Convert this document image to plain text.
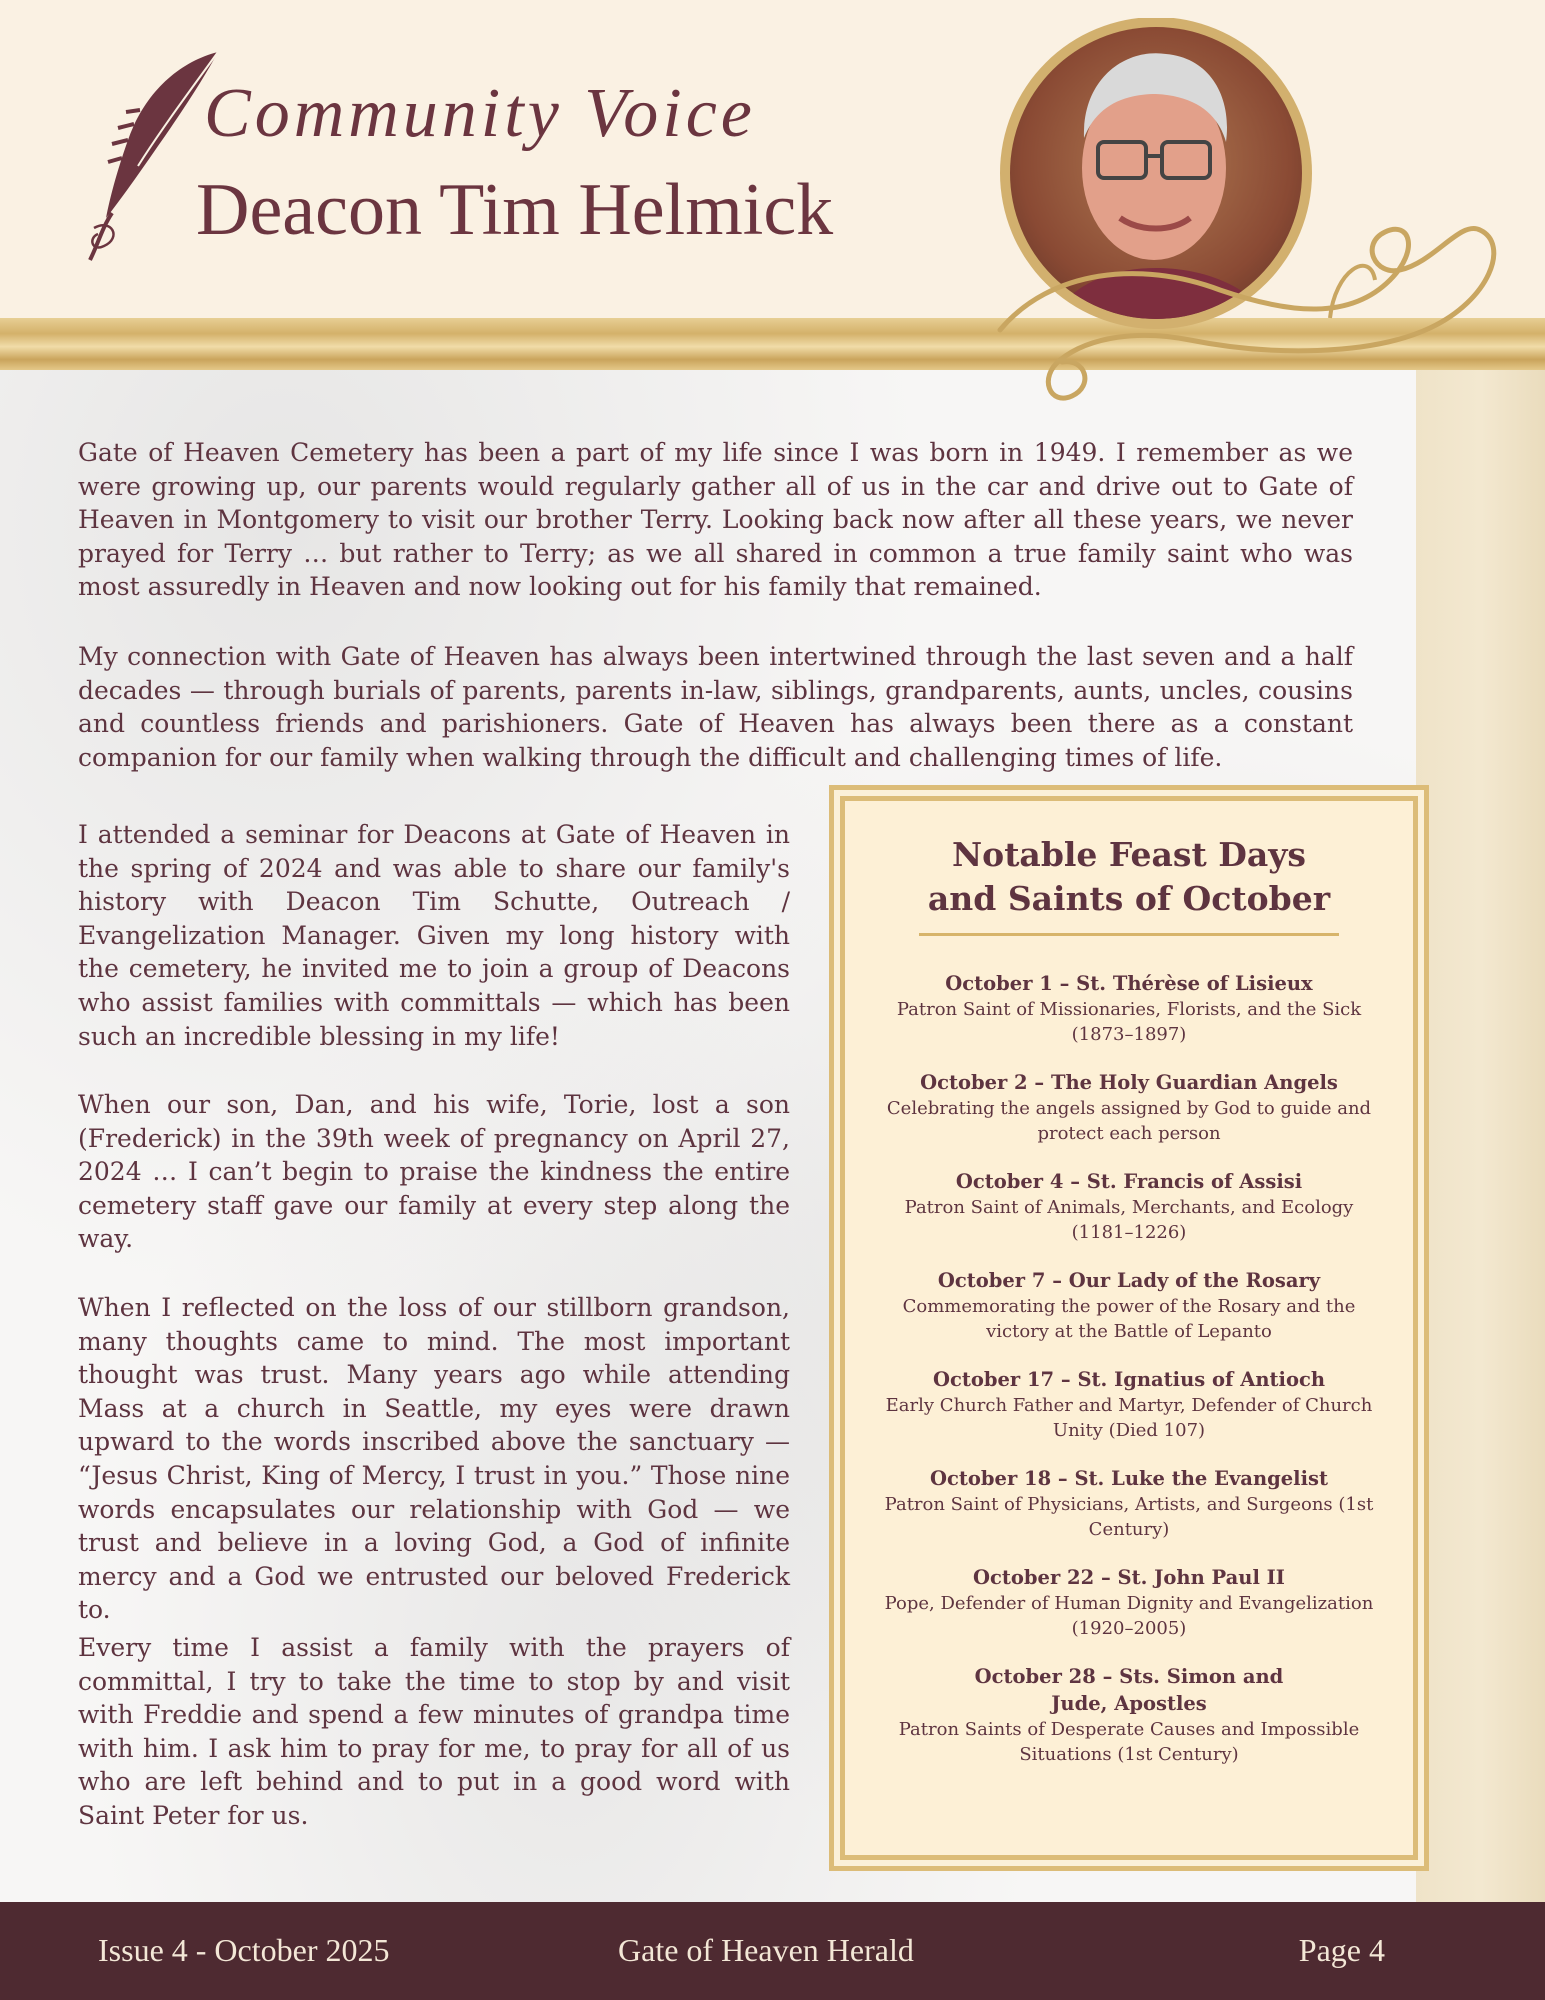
Community Voice
Deacon Tim Helmick

Gate of Heaven Cemetery has been a part of my life since I was born in 1949. I remember as we were growing up, our parents would regularly gather all of us in the car and drive out to Gate of Heaven in Montgomery to visit our brother Terry. Looking back now after all these years, we never prayed for Terry … but rather to Terry; as we all shared in common a true family saint who was most assuredly in Heaven and now looking out for his family that remained.

My connection with Gate of Heaven has always been intertwined through the last seven and a half decades — through burials of parents, parents in-law, siblings, grandparents, aunts, uncles, cousins and countless friends and parishioners. Gate of Heaven has always been there as a constant companion for our family when walking through the difficult and challenging times of life.

I attended a seminar for Deacons at Gate of Heaven in the spring of 2024 and was able to share our family's history with Deacon Tim Schutte, Outreach / Evangelization Manager. Given my long history with the cemetery, he invited me to join a group of Deacons who assist families with committals — which has been such an incredible blessing in my life!

When our son, Dan, and his wife, Torie, lost a son (Frederick) in the 39th week of pregnancy on April 27, 2024 … I can’t begin to praise the kindness the entire cemetery staff gave our family at every step along the way.

When I reflected on the loss of our stillborn grandson, many thoughts came to mind. The most important thought was trust. Many years ago while attending Mass at a church in Seattle, my eyes were drawn upward to the words inscribed above the sanctuary — “Jesus Christ, King of Mercy, I trust in you.” Those nine words encapsulates our relationship with God — we trust and believe in a loving God, a God of infinite mercy and a God we entrusted our beloved Frederick to.

Every time I assist a family with the prayers of committal, I try to take the time to stop by and visit with Freddie and spend a few minutes of grandpa time with him. I ask him to pray for me, to pray for all of us who are left behind and to put in a good word with Saint Peter for us.

Notable Feast Days
and Saints of October
October 1 – St. Thérèse of Lisieux
Patron Saint of Missionaries, Florists, and the Sick (1873–1897)
October 2 – The Holy Guardian Angels
Celebrating the angels assigned by God to guide and protect each person
October 4 – St. Francis of Assisi
Patron Saint of Animals, Merchants, and Ecology (1181–1226)
October 7 – Our Lady of the Rosary
Commemorating the power of the Rosary and the victory at the Battle of Lepanto
October 17 – St. Ignatius of Antioch
Early Church Father and Martyr, Defender of Church Unity (Died 107)
October 18 – St. Luke the Evangelist
Patron Saint of Physicians, Artists, and Surgeons (1st Century)
October 22 – St. John Paul II
Pope, Defender of Human Dignity and Evangelization (1920–2005)
October 28 – Sts. Simon and Jude, Apostles
Patron Saints of Desperate Causes and Impossible Situations (1st Century)
Issue 4 - October 2025	Gate of Heaven Herald	Page 4
